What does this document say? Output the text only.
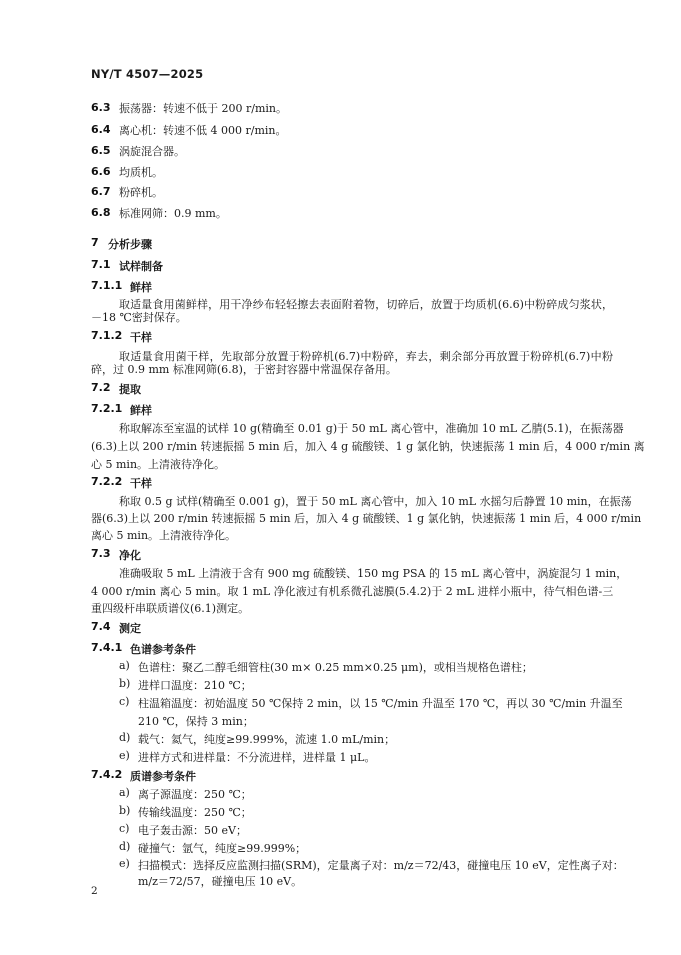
NY/T 4507—2025
6.3 振荡器：转速不低于 200 r/min。
6.4 离心机：转速不低 4 000 r/min。
6.5 涡旋混合器。
6.6 均质机。
6.7 粉碎机。
6.8 标准网筛：0.9 mm。
7 分析步骤
7.1 试样制备
7.1.1 鲜样
取适量食用菌鲜样，用干净纱布轻轻擦去表面附着物，切碎后，放置于均质机(6.6)中粉碎成匀浆状，
－18 ℃密封保存。
7.1.2 干样
取适量食用菌干样，先取部分放置于粉碎机(6.7)中粉碎，弃去，剩余部分再放置于粉碎机(6.7)中粉
碎，过 0.9 mm 标准网筛(6.8)，于密封容器中常温保存备用。
7.2 提取
7.2.1 鲜样
称取解冻至室温的试样 10 g(精确至 0.01 g)于 50 mL 离心管中，准确加 10 mL 乙腈(5.1)，在振荡器
(6.3)上以 200 r/min 转速振摇 5 min 后，加入 4 g 硫酸镁、1 g 氯化钠，快速振荡 1 min 后，4 000 r/min 离
心 5 min。上清液待净化。
7.2.2 干样
称取 0.5 g 试样(精确至 0.001 g)，置于 50 mL 离心管中，加入 10 mL 水摇匀后静置 10 min，在振荡
器(6.3)上以 200 r/min 转速振摇 5 min 后，加入 4 g 硫酸镁、1 g 氯化钠，快速振荡 1 min 后，4 000 r/min
离心 5 min。上清液待净化。
7.3 净化
准确吸取 5 mL 上清液于含有 900 mg 硫酸镁、150 mg PSA 的 15 mL 离心管中，涡旋混匀 1 min，
4 000 r/min 离心 5 min。取 1 mL 净化液过有机系微孔滤膜(5.4.2)于 2 mL 进样小瓶中，待气相色谱-三
重四级杆串联质谱仪(6.1)测定。
7.4 测定
7.4.1 色谱参考条件
a) 色谱柱：聚乙二醇毛细管柱(30 m× 0.25 mm×0.25 μm)，或相当规格色谱柱；
b) 进样口温度：210 ℃；
c) 柱温箱温度：初始温度 50 ℃保持 2 min，以 15 ℃/min 升温至 170 ℃，再以 30 ℃/min 升温至
210 ℃，保持 3 min；
d) 载气：氦气，纯度≥99.999%，流速 1.0 mL/min；
e) 进样方式和进样量：不分流进样，进样量 1 μL。
7.4.2 质谱参考条件
a) 离子源温度：250 ℃；
b) 传输线温度：250 ℃；
c) 电子轰击源：50 eV；
d) 碰撞气：氩气，纯度≥99.999%；
e) 扫描模式：选择反应监测扫描(SRM)，定量离子对：m/z＝72/43，碰撞电压 10 eV，定性离子对：
m/z＝72/57，碰撞电压 10 eV。
2
